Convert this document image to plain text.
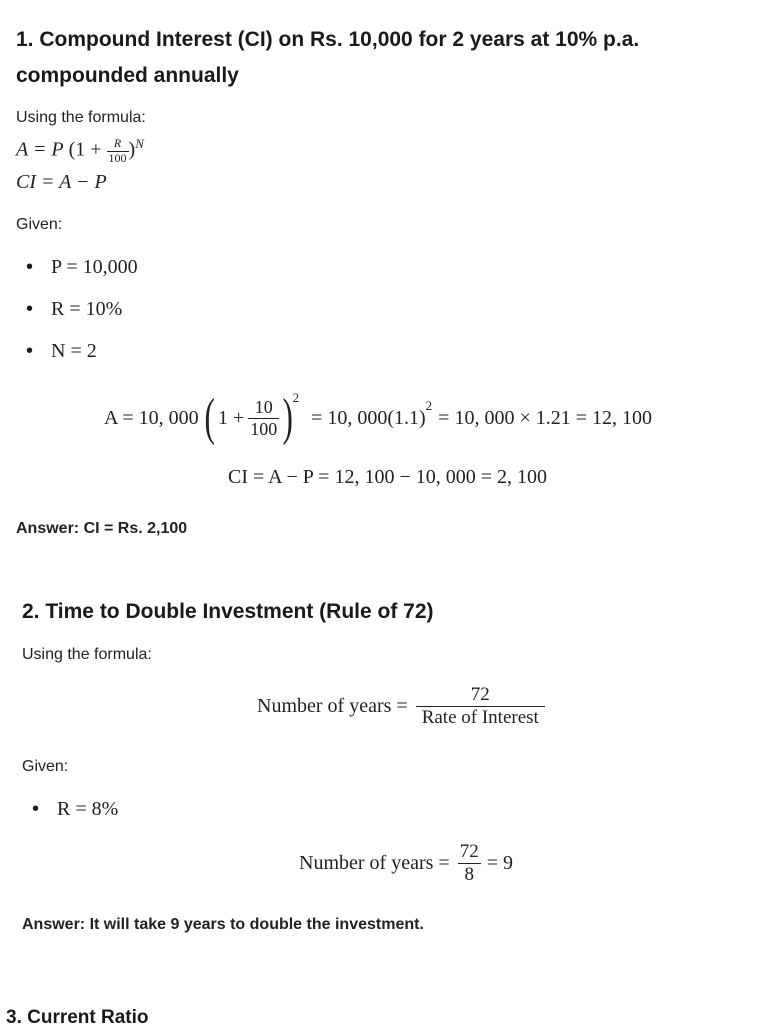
1. Compound Interest (CI) on Rs. 10,000 for 2 years at 10% p.a.
compounded annually
Using the formula:
A = P $(1 + \frac{R}{100} )^N$
CI = A − P
Given:
• P = 10,000
• R = 10%
• N = 2
A = 10, 000 ( $1 + \frac{10}{100}$ ) 2
= 10, 000(1.1)
2
= 10, 000 × 1.21 = 12, 100
CI = A − P = 12, 100 − 10, 000 = 2, 100
Answer: CI = Rs. 2,100
2. Time to Double Investment (Rule of 72)
Using the formula:
Number of years = $\frac{72}{\text{Rate of Interest}}$
Given:
• R = 8%
Number of years = $\frac{72}{8} = 9$
Answer: It will take 9 years to double the investment.
3. Current Ratio
